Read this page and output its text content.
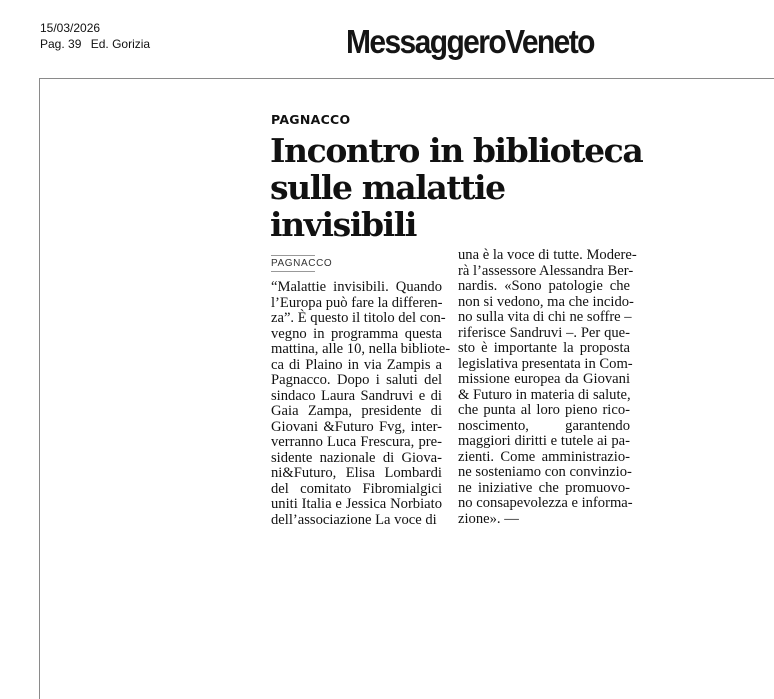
15/03/2026
Pag. 39 Ed. Gorizia	MessaggeroVeneto
PAGNACCO
Incontro in biblioteca
sulle malattie invisibili
PAGNACCO
“Malattie invisibili. Quando
l’Europa può fare la differen-
za”. È questo il titolo del con-
vegno in programma questa
mattina, alle 10, nella bibliote-
ca di Plaino in via Zampis a
Pagnacco. Dopo i saluti del
sindaco Laura Sandruvi e di
Gaia Zampa, presidente di
Giovani &Futuro Fvg, inter-
verranno Luca Frescura, pre-
sidente nazionale di Giova-
ni&Futuro, Elisa Lombardi
del comitato Fibromialgici
uniti Italia e Jessica Norbiato
dell’associazione La voce di
una è la voce di tutte. Modere-
rà l’assessore Alessandra Ber-
nardis. «Sono patologie che
non si vedono, ma che incido-
no sulla vita di chi ne soffre –
riferisce Sandruvi –. Per que-
sto è importante la proposta
legislativa presentata in Com-
missione europea da Giovani
& Futuro in materia di salute,
che punta al loro pieno rico-
noscimento, garantendo
maggiori diritti e tutele ai pa-
zienti. Come amministrazio-
ne sosteniamo con convinzio-
ne iniziative che promuovo-
no consapevolezza e informa-
zione». —
